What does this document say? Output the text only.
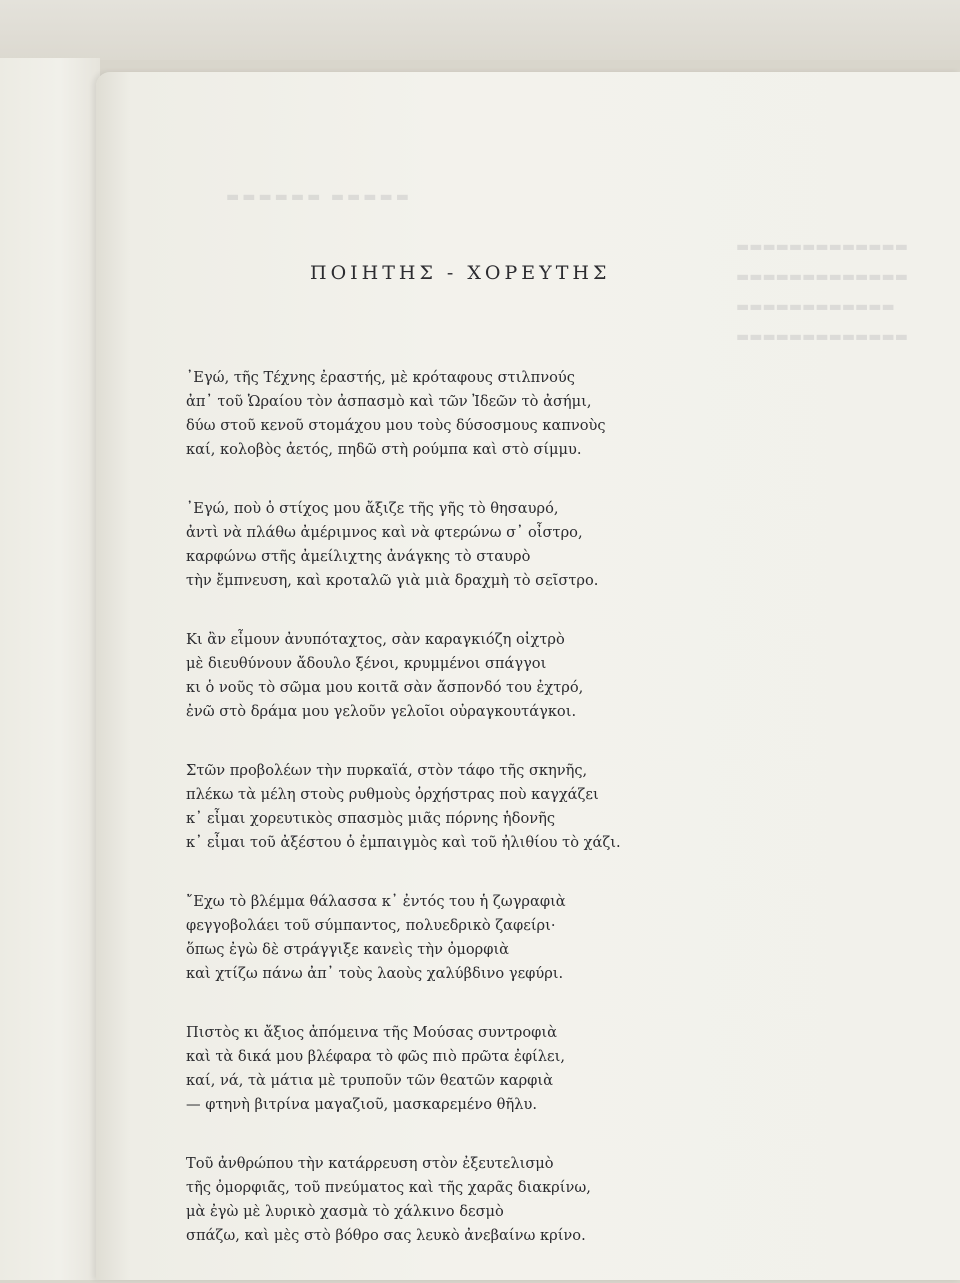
▬▬▬▬▬▬ ▬▬▬▬▬
▬▬▬▬▬▬▬▬▬▬▬▬▬
▬▬▬▬▬▬▬▬▬▬▬▬▬
▬▬▬▬▬▬▬▬▬▬▬▬
▬▬▬▬▬▬▬▬▬▬▬▬▬
ΠΟΙΗΤΗΣ - ΧΟΡΕΥΤΗΣ
᾿Εγώ, τῆς Τέχνης ἐραστής, μὲ κρόταφους στιλπνούς
ἀπ᾿ τοῦ Ὡραίου τὸν ἀσπασμὸ καὶ τῶν Ἰδεῶν τὸ ἀσήμι,
δύω στοῦ κενοῦ στομάχου μου τοὺς δύσοσμους καπνοὺς
καί, κολοβὸς ἀετός, πηδῶ στὴ ρούμπα καὶ στὸ σίμμυ.
᾿Εγώ, ποὺ ὁ στίχος μου ἄξιζε τῆς γῆς τὸ θησαυρό,
ἀντὶ νὰ πλάθω ἀμέριμνος καὶ νὰ φτερώνω σ᾿ οἶστρο,
καρφώνω στῆς ἀμείλιχτης ἀνάγκης τὸ σταυρὸ
τὴν ἔμπνευση, καὶ κροταλῶ γιὰ μιὰ δραχμὴ τὸ σεῖστρο.
Κι ἂν εἶμουν ἀνυπόταχτος, σὰν καραγκιόζη οἰχτρὸ
μὲ διευθύνουν ἄδουλο ξένοι, κρυμμένοι σπάγγοι
κι ὁ νοῦς τὸ σῶμα μου κοιτᾶ σὰν ἄσπονδό του ἐχτρό,
ἐνῶ στὸ δράμα μου γελοῦν γελοῖοι οὐραγκουτάγκοι.
Στῶν προβολέων τὴν πυρκαϊά, στὸν τάφο τῆς σκηνῆς,
πλέκω τὰ μέλη στοὺς ρυθμοὺς ὀρχήστρας ποὺ καγχάζει
κ᾿ εἶμαι χορευτικὸς σπασμὸς μιᾶς πόρνης ἡδονῆς
κ᾿ εἶμαι τοῦ ἀξέστου ὁ ἐμπαιγμὸς καὶ τοῦ ἠλιθίου τὸ χάζι.
῎Εχω τὸ βλέμμα θάλασσα κ᾿ ἐντός του ἡ ζωγραφιὰ
φεγγοβολάει τοῦ σύμπαντος, πολυεδρικὸ ζαφείρι·
ὅπως ἐγὼ δὲ στράγγιξε κανεὶς τὴν ὀμορφιὰ
καὶ χτίζω πάνω ἀπ᾿ τοὺς λαοὺς χαλύβδινο γεφύρι.
Πιστὸς κι ἄξιος ἀπόμεινα τῆς Μούσας συντροφιὰ
καὶ τὰ δικά μου βλέφαρα τὸ φῶς πιὸ πρῶτα ἐφίλει,
καί, νά, τὰ μάτια μὲ τρυποῦν τῶν θεατῶν καρφιὰ
— φτηνὴ βιτρίνα μαγαζιοῦ, μασκαρεμένο θῆλυ.
Τοῦ ἀνθρώπου τὴν κατάρρευση στὸν ἐξευτελισμὸ
τῆς ὀμορφιᾶς, τοῦ πνεύματος καὶ τῆς χαρᾶς διακρίνω,
μὰ ἐγὼ μὲ λυρικὸ χασμὰ τὸ χάλκινο δεσμὸ
σπάζω, καὶ μὲς στὸ βόθρο σας λευκὸ ἀνεβαίνω κρίνο.
